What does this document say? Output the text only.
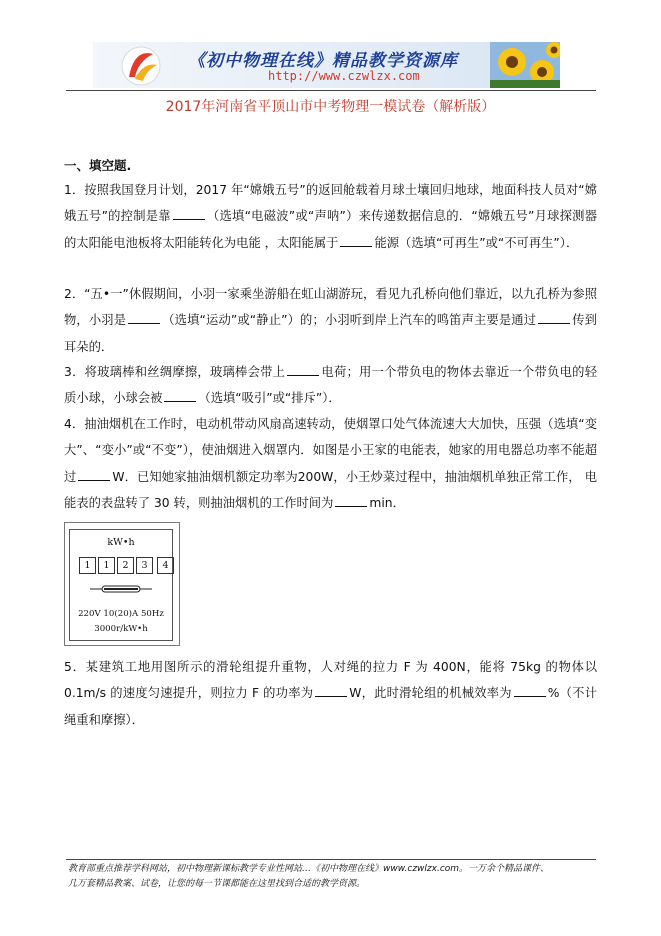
《初中物理在线》精品教学资源库
http://www.czwlzx.com
2017年河南省平顶山市中考物理一模试卷（解析版）
一、填空题.
1．按照我国登月计划，2017 年“嫦娥五号”的返回舱载着月球土壤回归地球，地面科技人员对“嫦娥五号”的控制是靠	（选填“电磁波”或“声呐”）来传递数据信息的．“嫦娥五号”月球探测器的太阳能电池板将太阳能转化为电能 ，太阳能属于	能源（选填“可再生”或“不可再生”）．
2．“五•一”休假期间，小羽一家乘坐游船在虹山湖游玩，看见九孔桥向他们靠近，以九孔桥为参照物，小羽是	（选填“运动”或“静止”）的；小羽听到岸上汽车的鸣笛声主要是通过	传到耳朵的．
3．将玻璃棒和丝绸摩擦，玻璃棒会带上	电荷；用一个带负电的物体去靠近一个带负电的轻质小球，小球会被	（选填“吸引”或“排斥”）．
4．抽油烟机在工作时，电动机带动风扇高速转动，使烟罩口处气体流速大大加快，压强（选填“变大”、“变小”或“不变”），使油烟进入烟罩内．如图是小王家的电能表，她家的用电器总功率不能超过	W．已知她家抽油烟机额定功率为200W，小王炒菜过程中，抽油烟机单独正常工作， 电能表的表盘转了 30 转，则抽油烟机的工作时间为	min．
kW•h
1	1	2	3	4
220V 10(20)A 50Hz
3000r/kW•h
5．某建筑工地用图所示的滑轮组提升重物，人对绳的拉力 F 为 400N，能将 75kg 的物体以 0.1m/s 的速度匀速提升，则拉力 F 的功率为	W，此时滑轮组的机械效率为	%（不计绳重和摩擦）．
教育部重点推荐学科网站，初中物理新课标教学专业性网站…《初中物理在线》www.czwlzx.com。一万余个精品课件、
几万套精品教案、试卷，让您的每一节课都能在这里找到合适的教学资源。
